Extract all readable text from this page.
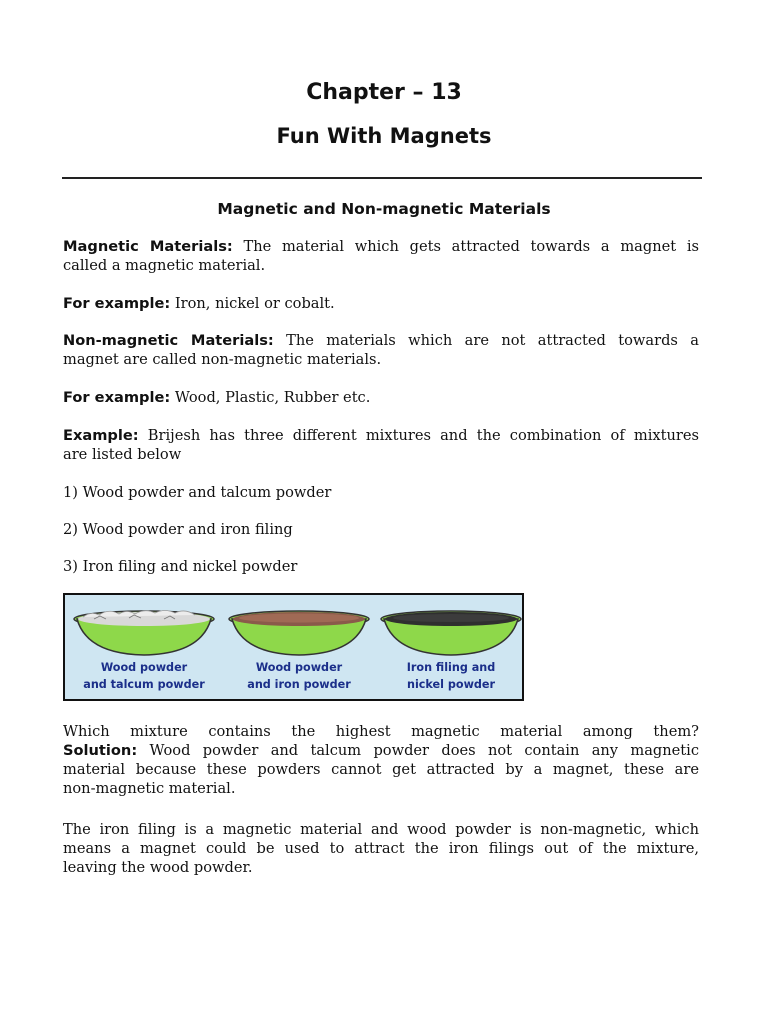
Chapter – 13
Fun With Magnets
Magnetic and Non-magnetic Materials
Magnetic Materials: The material which gets attracted towards a magnet is
called a magnetic material.
For example: Iron, nickel or cobalt.
Non-magnetic Materials: The materials which are not attracted towards a
magnet are called non-magnetic materials.
For example: Wood, Plastic, Rubber etc.
Example: Brijesh has three different mixtures and the combination of mixtures
are listed below
1) Wood powder and talcum powder
2) Wood powder and iron filing
3) Iron filing and nickel powder
Wood powder
and talcum powder
Wood powder
and iron powder
Iron filing and
nickel powder
Which mixture contains the highest magnetic material among them?
Solution: Wood powder and talcum powder does not contain any magnetic
material because these powders cannot get attracted by a magnet, these are
non-magnetic material.
The iron filing is a magnetic material and wood powder is non-magnetic, which
means a magnet could be used to attract the iron filings out of the mixture,
leaving the wood powder.
